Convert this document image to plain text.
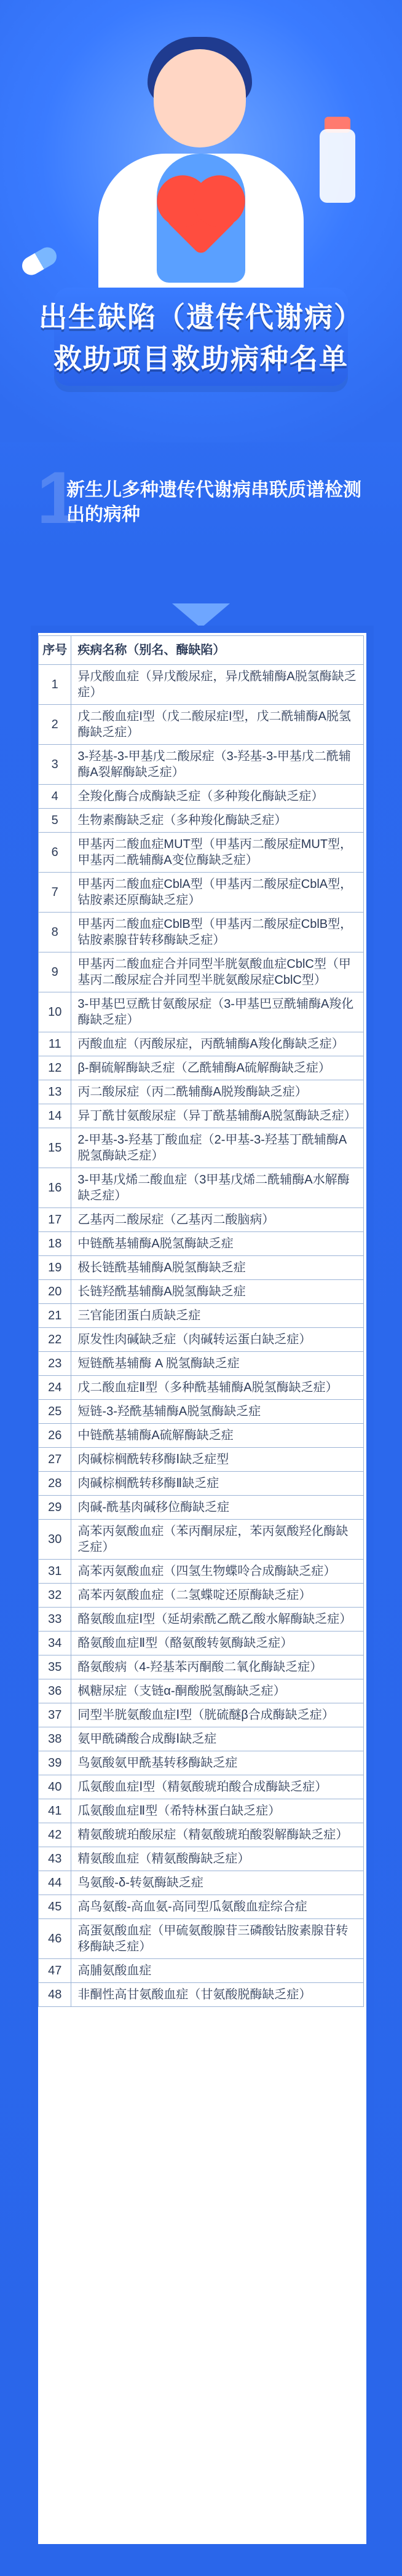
出生缺陷（遗传代谢病）
救助项目救助病种名单
1
新生儿多种遗传代谢病串联质谱检测出的病种
序号	疾病名称（别名、酶缺陷）
1	异戊酸血症（异戊酸尿症，异戊酰辅酶A脱氢酶缺乏症）
2	戊二酸血症I型（戊二酸尿症I型，戊二酰辅酶A脱氢酶缺乏症）
3	3-羟基-3-甲基戊二酸尿症（3-羟基-3-甲基戊二酰辅酶A裂解酶缺乏症）
4	全羧化酶合成酶缺乏症（多种羧化酶缺乏症）
5	生物素酶缺乏症（多种羧化酶缺乏症）
6	甲基丙二酸血症MUT型（甲基丙二酸尿症MUT型，甲基丙二酰辅酶A变位酶缺乏症）
7	甲基丙二酸血症CblA型（甲基丙二酸尿症CblA型，钴胺素还原酶缺乏症）
8	甲基丙二酸血症CblB型（甲基丙二酸尿症CblB型，钴胺素腺苷转移酶缺乏症）
9	甲基丙二酸血症合并同型半胱氨酸血症CblC型（甲基丙二酸尿症合并同型半胱氨酸尿症CblC型）
10	3-甲基巴豆酰甘氨酸尿症（3-甲基巴豆酰辅酶A羧化酶缺乏症）
11	丙酸血症（丙酸尿症，丙酰辅酶A羧化酶缺乏症）
12	β-酮硫解酶缺乏症（乙酰辅酶A硫解酶缺乏症）
13	丙二酸尿症（丙二酰辅酶A脱羧酶缺乏症）
14	异丁酰甘氨酸尿症（异丁酰基辅酶A脱氢酶缺乏症）
15	2-甲基-3-羟基丁酸血症（2-甲基-3-羟基丁酰辅酶A脱氢酶缺乏症）
16	3-甲基戊烯二酸血症（3甲基戊烯二酰辅酶A水解酶缺乏症）
17	乙基丙二酸尿症（乙基丙二酸脑病）
18	中链酰基辅酶A脱氢酶缺乏症
19	极长链酰基辅酶A脱氢酶缺乏症
20	长链羟酰基辅酶A脱氢酶缺乏症
21	三官能团蛋白质缺乏症
22	原发性肉碱缺乏症（肉碱转运蛋白缺乏症）
23	短链酰基辅酶 A 脱氢酶缺乏症
24	戊二酸血症Ⅱ型（多种酰基辅酶A脱氢酶缺乏症）
25	短链-3-羟酰基辅酶A脱氢酶缺乏症
26	中链酰基辅酶A硫解酶缺乏症
27	肉碱棕榈酰转移酶Ⅰ缺乏症型
28	肉碱棕榈酰转移酶Ⅱ缺乏症
29	肉碱-酰基肉碱移位酶缺乏症
30	高苯丙氨酸血症（苯丙酮尿症，苯丙氨酸羟化酶缺乏症）
31	高苯丙氨酸血症（四氢生物蝶呤合成酶缺乏症）
32	高苯丙氨酸血症（二氢蝶啶还原酶缺乏症）
33	酪氨酸血症Ⅰ型（延胡索酰乙酰乙酸水解酶缺乏症）
34	酪氨酸血症Ⅱ型（酪氨酸转氨酶缺乏症）
35	酪氨酸病（4-羟基苯丙酮酸二氧化酶缺乏症）
36	枫糖尿症（支链α-酮酸脱氢酶缺乏症）
37	同型半胱氨酸血症Ⅰ型（胱硫醚β合成酶缺乏症）
38	氨甲酰磷酸合成酶Ⅰ缺乏症
39	鸟氨酸氨甲酰基转移酶缺乏症
40	瓜氨酸血症Ⅰ型（精氨酸琥珀酸合成酶缺乏症）
41	瓜氨酸血症Ⅱ型（希特林蛋白缺乏症）
42	精氨酸琥珀酸尿症（精氨酸琥珀酸裂解酶缺乏症）
43	精氨酸血症（精氨酸酶缺乏症）
44	鸟氨酸-δ-转氨酶缺乏症
45	高鸟氨酸-高血氨-高同型瓜氨酸血症综合症
46	高蛋氨酸血症（甲硫氨酸腺苷三磷酸钴胺素腺苷转移酶缺乏症）
47	高脯氨酸血症
48	非酮性高甘氨酸血症（甘氨酸脱酶缺乏症）
